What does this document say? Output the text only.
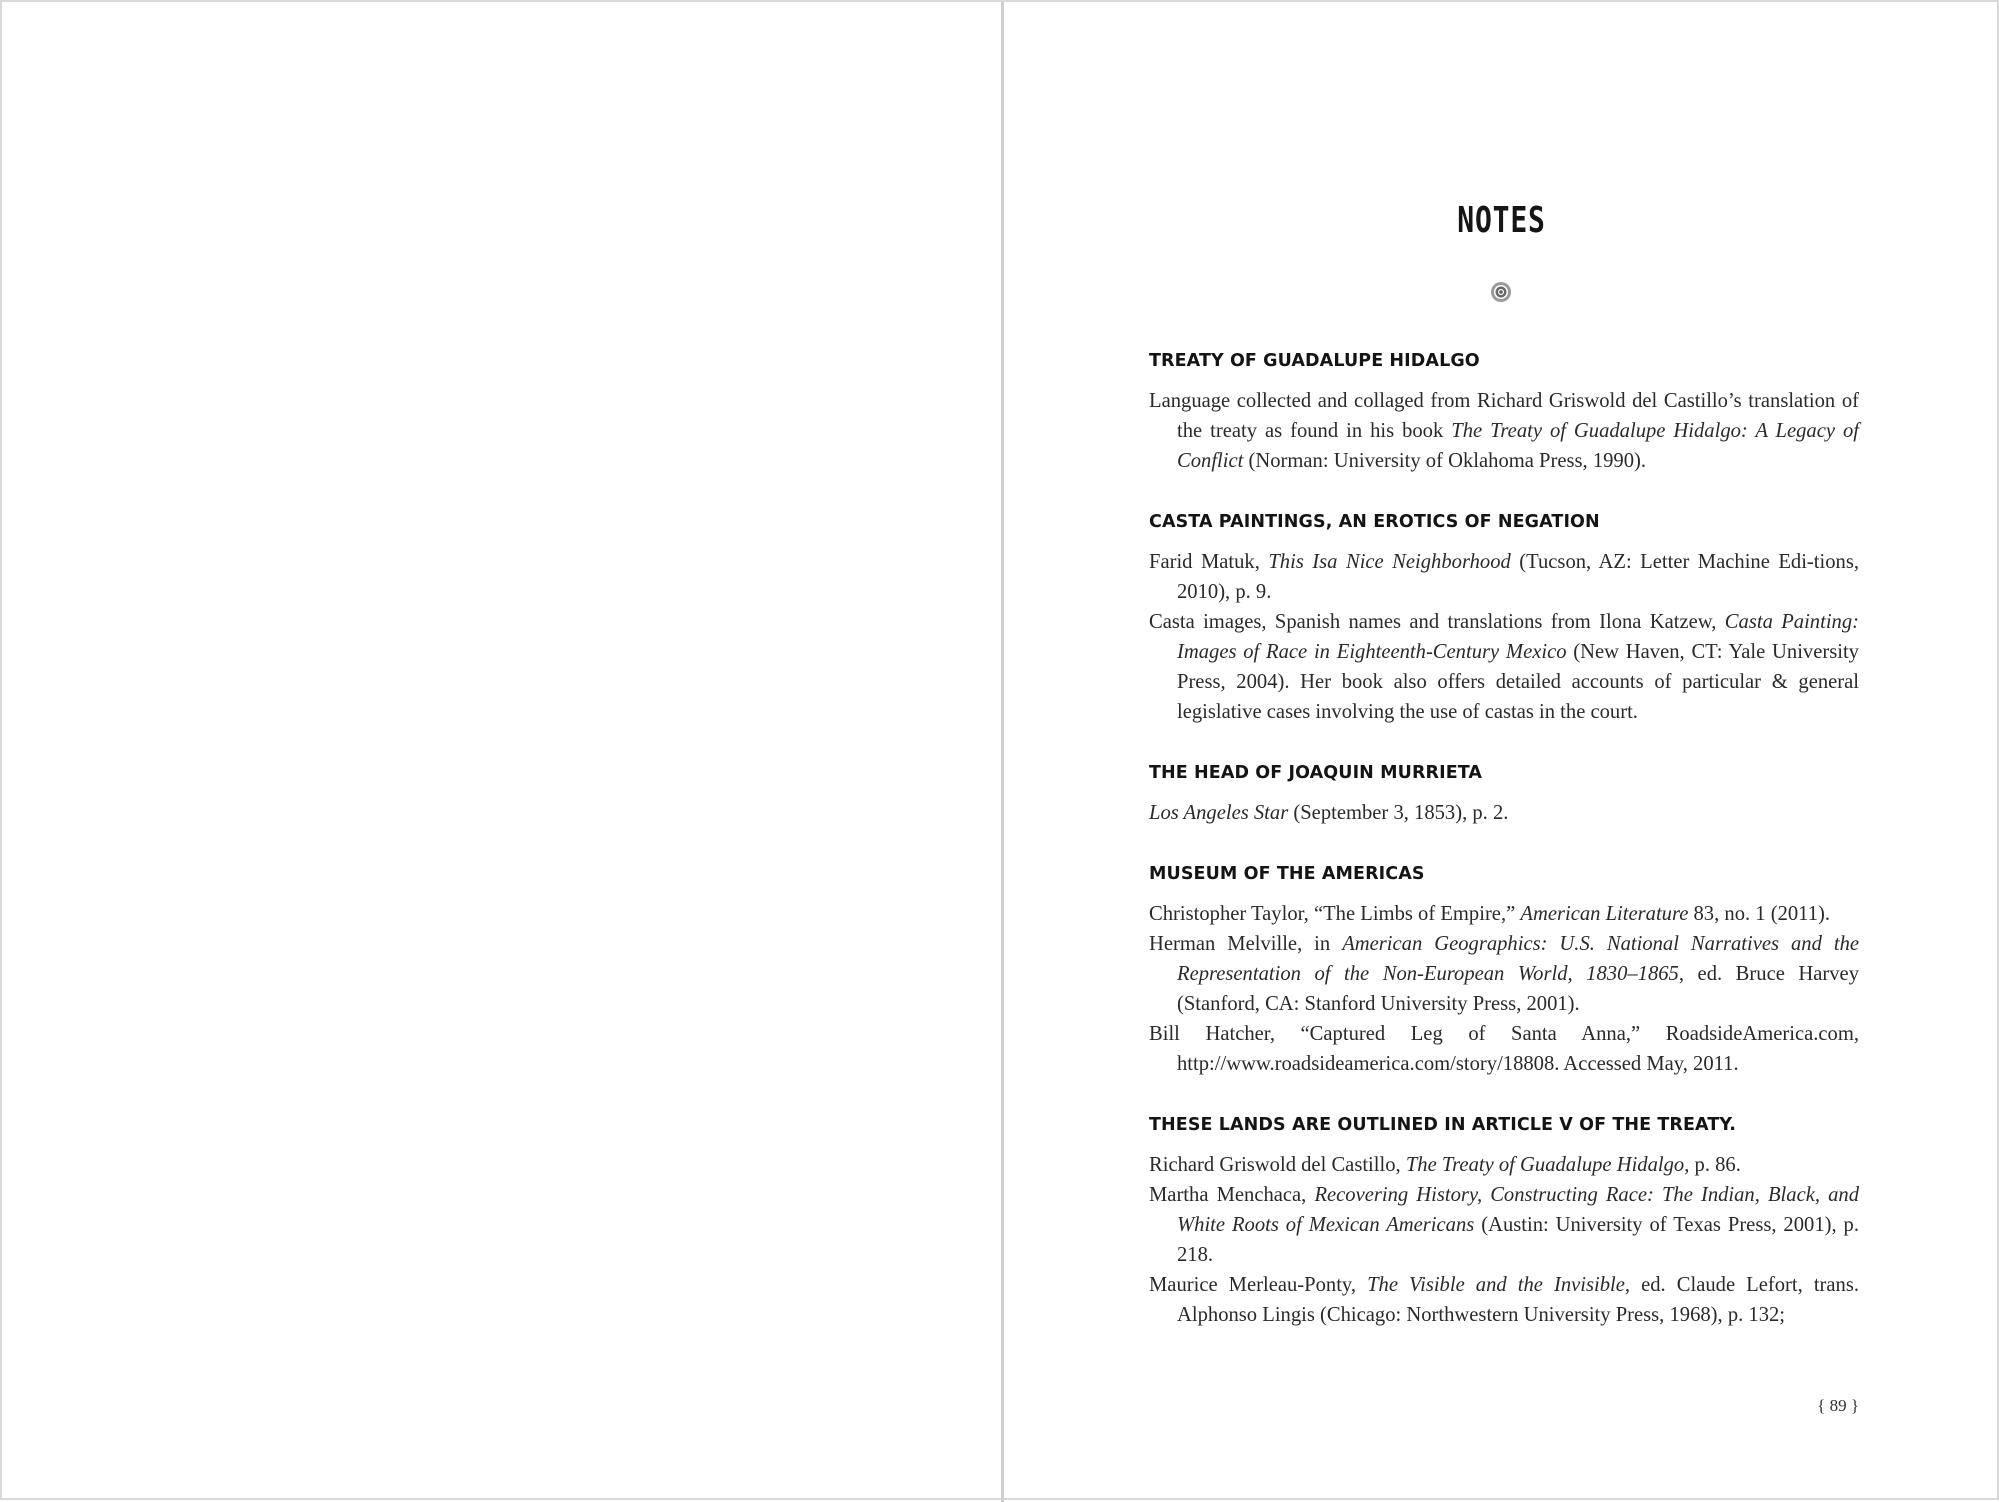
NOTES
TREATY OF GUADALUPE HIDALGO

Language collected and collaged from Richard Griswold del Castillo’s translation of the treaty as found in his book The Treaty of Guadalupe Hidalgo: A Legacy of Conflict (Norman: University of Oklahoma Press, 1990).

CASTA PAINTINGS, AN EROTICS OF NEGATION

Farid Matuk, This Isa Nice Neighborhood (Tucson, AZ: Letter Machine Edi-tions, 2010), p. 9.

Casta images, Spanish names and translations from Ilona Katzew, Casta Painting: Images of Race in Eighteenth-Century Mexico (New Haven, CT: Yale University Press, 2004). Her book also offers detailed accounts of particular & general legislative cases involving the use of castas in the court.

THE HEAD OF JOAQUIN MURRIETA

Los Angeles Star (September 3, 1853), p. 2.

MUSEUM OF THE AMERICAS

Christopher Taylor, “The Limbs of Empire,” American Literature 83, no. 1 (2011).

Herman Melville, in American Geographics: U.S. National Narratives and the Representation of the Non-European World, 1830–1865, ed. Bruce Harvey (Stanford, CA: Stanford University Press, 2001).

Bill Hatcher, “Captured Leg of Santa Anna,” RoadsideAmerica.com, http://www.roadsideamerica.com/story/18808. Accessed May, 2011.

THESE LANDS ARE OUTLINED IN ARTICLE V OF THE TREATY.

Richard Griswold del Castillo, The Treaty of Guadalupe Hidalgo, p. 86.

Martha Menchaca, Recovering History, Constructing Race: The Indian, Black, and White Roots of Mexican Americans (Austin: University of Texas Press, 2001), p. 218.

Maurice Merleau-Ponty, The Visible and the Invisible, ed. Claude Lefort, trans. Alphonso Lingis (Chicago: Northwestern University Press, 1968), p. 132;

{ 89 }
